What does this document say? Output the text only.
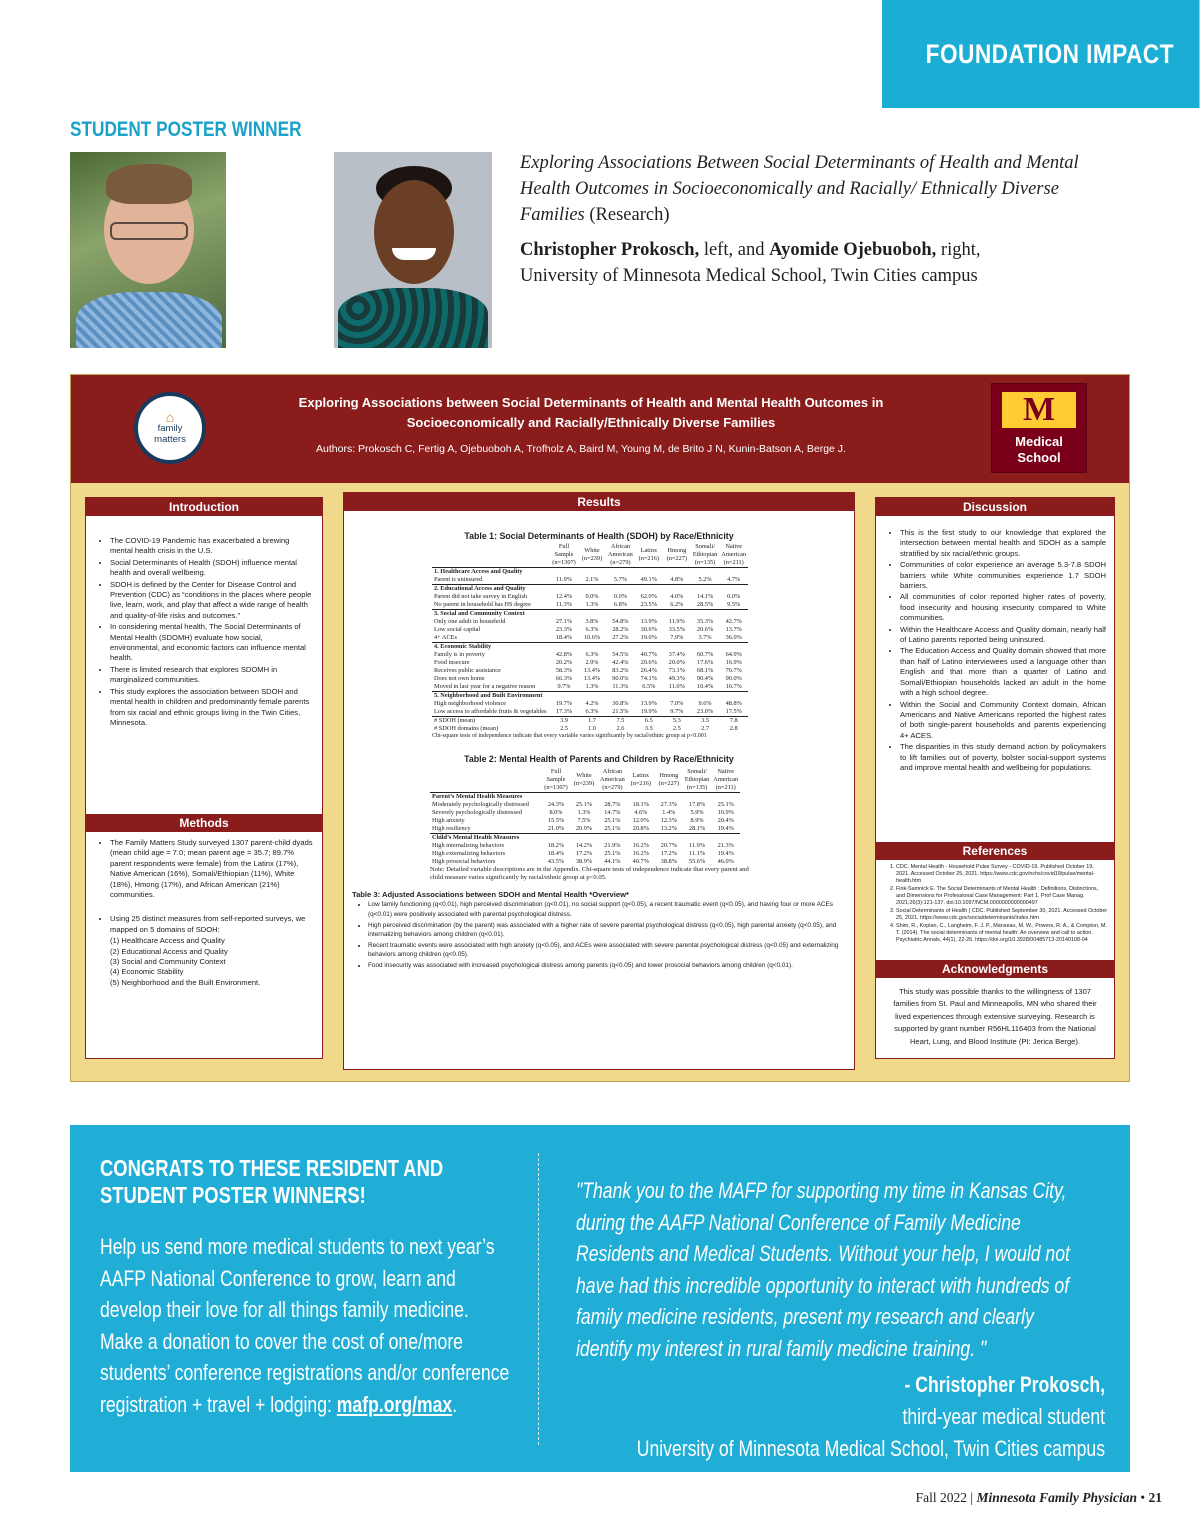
FOUNDATION IMPACT
STUDENT POSTER WINNER
Exploring Associations Between Social Determinants of Health and Mental Health Outcomes in Socioeconomically and Racially/ Ethnically Diverse Families (Research)
Christopher Prokosch, left, and Ayomide Ojebuoboh, right,
University of Minnesota Medical School, Twin Cities campus
⌂
family
matters
Exploring Associations between Social Determinants of Health and Mental Health Outcomes in Socioeconomically and Racially/Ethnically Diverse Families
Authors: Prokosch C, Fertig A, Ojebuoboh A, Trofholz A, Baird M, Young M, de Brito J N, Kunin-Batson A, Berge J.
M
Medical
School
Introduction
• The COVID-19 Pandemic has exacerbated a brewing mental health crisis in the U.S.
• Social Determinants of Health (SDOH) influence mental health and overall wellbeing.
• SDOH is defined by the Center for Disease Control and Prevention (CDC) as “conditions in the places where people live, learn, work, and play that affect a wide range of health and quality-of-life risks and outcomes.”
• In considering mental health, The Social Determinants of Mental Health (SDOMH) evaluate how social, environmental, and economic factors can influence mental health.
• There is limited research that explores SDOMH in marginalized communities.
• This study explores the association between SDOH and mental health in children and predominantly female parents from six racial and ethnic groups living in the Twin Cities, Minnesota.
Methods
• The Family Matters Study surveyed 1307 parent-child dyads (mean child age = 7.0; mean parent age = 35.7; 89.7% parent respondents were female) from the Latinx (17%), Native American (16%), Somali/Ethiopian (11%), White (18%), Hmong (17%), and African American (21%) communities.
• Using 25 distinct measures from self-reported surveys, we mapped on 5 domains of SDOH:
(1) Healthcare Access and Quality
(2) Educational Access and Quality
(3) Social and Community Context
(4) Economic Stability
(5) Neighborhood and the Built Environment.
Results
Table 1: Social Determinants of Health (SDOH) by Race/Ethnicity
	Full Sample (n=1307)	White (n=239)	African American (n=279)	Latinx (n=216)	Hmong (n=227)	Somali/ Ethiopian (n=135)	Native American (n=211)
1. Healthcare Access and Quality							
Parent is uninsured	11.9%	2.1%	5.7%	49.1%	4.8%	5.2%	4.7%
2. Educational Access and Quality							
Parent did not take survey in English	12.4%	0.0%	0.0%	62.0%	4.0%	14.1%	0.0%
No parent in household has HS degree	11.3%	1.3%	6.8%	23.5%	6.2%	28.5%	9.5%
3. Social and Community Context							
Only one adult in household	27.1%	3.8%	54.8%	13.9%	11.9%	35.3%	42.7%
Low social capital	23.3%	6.3%	28.2%	30.6%	33.5%	20.6%	13.7%
4+ ACEs	18.4%	10.6%	27.2%	19.0%	7.9%	3.7%	36.0%
4. Economic Stability							
Family is in poverty	42.8%	6.3%	54.5%	40.7%	37.4%	60.7%	64.9%
Food insecure	20.2%	2.9%	42.4%	20.6%	20.0%	17.6%	16.9%
Receives public assistance	58.3%	13.4%	83.2%	26.4%	73.1%	68.1%	76.7%
Does not own home	66.3%	13.4%	90.0%	74.1%	49.3%	90.4%	90.0%
Moved in last year for a negative reason	9.7%	1.3%	11.3%	6.5%	11.0%	10.4%	16.7%
5. Neighborhood and Built Environment							
High neighborhood violence	19.7%	4.2%	30.8%	13.9%	7.0%	9.6%	48.8%
Low access to affordable fruits & vegetables	17.3%	6.3%	21.5%	19.9%	9.7%	23.0%	17.5%
# SDOH (mean)	3.9	1.7	7.5	6.5	5.3	3.5	7.8
# SDOH domains (mean)	2.5	1.0	2.6	3.5	2.5	2.7	2.8
Chi-square tests of independence indicate that every variable varies significantly by racial/ethnic group at p<0.001
Table 2: Mental Health of Parents and Children by Race/Ethnicity
	Full Sample (n=1307)	White (n=239)	African American (n=279)	Latinx (n=216)	Hmong (n=227)	Somali/ Ethiopian (n=135)	Native American (n=211)
Parent’s Mental Health Measures							
Moderately psychologically distressed	24.3%	25.1%	28.7%	18.1%	27.3%	17.8%	25.1%
Severely psychologically distressed	8.0%	1.3%	14.7%	4.6%	1.4%	5.9%	10.9%
High anxiety	15.5%	7.5%	25.1%	12.0%	12.3%	8.9%	20.4%
High resiliency	21.0%	20.9%	25.1%	20.8%	13.2%	28.1%	19.4%
Child’s Mental Health Measures							
High internalizing behaviors	18.2%	14.2%	21.9%	16.2%	20.7%	11.9%	21.3%
High externalizing behaviors	18.4%	17.2%	25.1%	16.2%	17.2%	11.1%	19.4%
High prosocial behaviors	43.5%	38.9%	44.1%	40.7%	38.8%	55.6%	46.0%
Note: Detailed variable descriptions are in the Appendix. Chi-square tests of independence indicate that every parent and child measure varies significantly by racial/ethnic group at p<0.05.
Table 3: Adjusted Associations between SDOH and Mental Health *Overview*
• Low family functioning (q<0.01), high perceived discrimination (q<0.01), no social support (q<0.05), a recent traumatic event (q<0.05), and having four or more ACEs (q<0.01) were positively associated with parental psychological distress.
• High perceived discrimination (by the parent) was associated with a higher rate of severe parental psychological distress (q<0.05), high parental anxiety (q<0.05), and internalizing behaviors among children (q<0.01).
• Recent traumatic events were associated with high anxiety (q<0.05), and ACEs were associated with severe parental psychological distress (q<0.05) and externalizing behaviors among children (q<0.05).
• Food insecurity was associated with increased psychological distress among parents (q<0.05) and lower prosocial behaviors among children (q<0.01).
Discussion
• This is the first study to our knowledge that explored the intersection between mental health and SDOH as a sample stratified by six racial/ethnic groups.
• Communities of color experience an average 5.3-7.8 SDOH barriers while White communities experience 1.7 SDOH barriers.
• All communities of color reported higher rates of poverty, food insecurity and housing insecurity compared to White communities.
• Within the Healthcare Access and Quality domain, nearly half of Latino parents reported being uninsured.
• The Education Access and Quality domain showed that more than half of Latino interviewees used a language other than English and that more than a quarter of Latino and Somali/Ethiopian households lacked an adult in the home with a high school degree.
• Within the Social and Community Context domain, African Americans and Native Americans reported the highest rates of both single-parent households and parents experiencing 4+ ACES.
• The disparities in this study demand action by policymakers to lift families out of poverty, bolster social-support systems and improve mental health and wellbeing for populations.
References
1. CDC. Mental Health - Household Pulse Survey - COVID-19. Published October 19, 2021. Accessed October 25, 2021. https://www.cdc.gov/nchs/covid19/pulse/mental-health.htm
2. Fink-Samnick E. The Social Determinants of Mental Health : Definitions, Distinctions, and Dimensions for Professional Case Management: Part 1. Prof Case Manag. 2021;26(3):121-137. doi:10.1097/NCM.0000000000000497
3. Social Determinants of Health | CDC. Published September 30, 2021. Accessed October 25, 2021. https://www.cdc.gov/socialdeterminants/index.htm
4. Shim, R., Koplan, C., Langheim, F. J. P., Manseau, M. W., Powers, R. A., & Compton, M. T. (2014). The social determinants of mental health: An overview and call to action. Psychiatric Annals, 44(1), 22-26. https://doi.org/10.3928/00485713-20140108-04
Acknowledgments
This study was possible thanks to the willingness of 1307 families from St. Paul and Minneapolis, MN who shared their lived experiences through extensive surveying. Research is supported by grant number R56HL116403 from the National Heart, Lung, and Blood Institute (PI: Jerica Berge).
CONGRATS TO THESE RESIDENT AND STUDENT POSTER WINNERS!
Help us send more medical students to next year’s AAFP National Conference to grow, learn and develop their love for all things family medicine. Make a donation to cover the cost of one/more students’ conference registrations and/or conference registration + travel + lodging: mafp.org/max.
"Thank you to the MAFP for supporting my time in Kansas City, during the AAFP National Conference of Family Medicine Residents and Medical Students. Without your help, I would not have had this incredible opportunity to interact with hundreds of family medicine residents, present my research and clearly identify my interest in rural family medicine training. "
- Christopher Prokosch,
third-year medical student
University of Minnesota Medical School, Twin Cities campus
Fall 2022 | Minnesota Family Physician • 21
